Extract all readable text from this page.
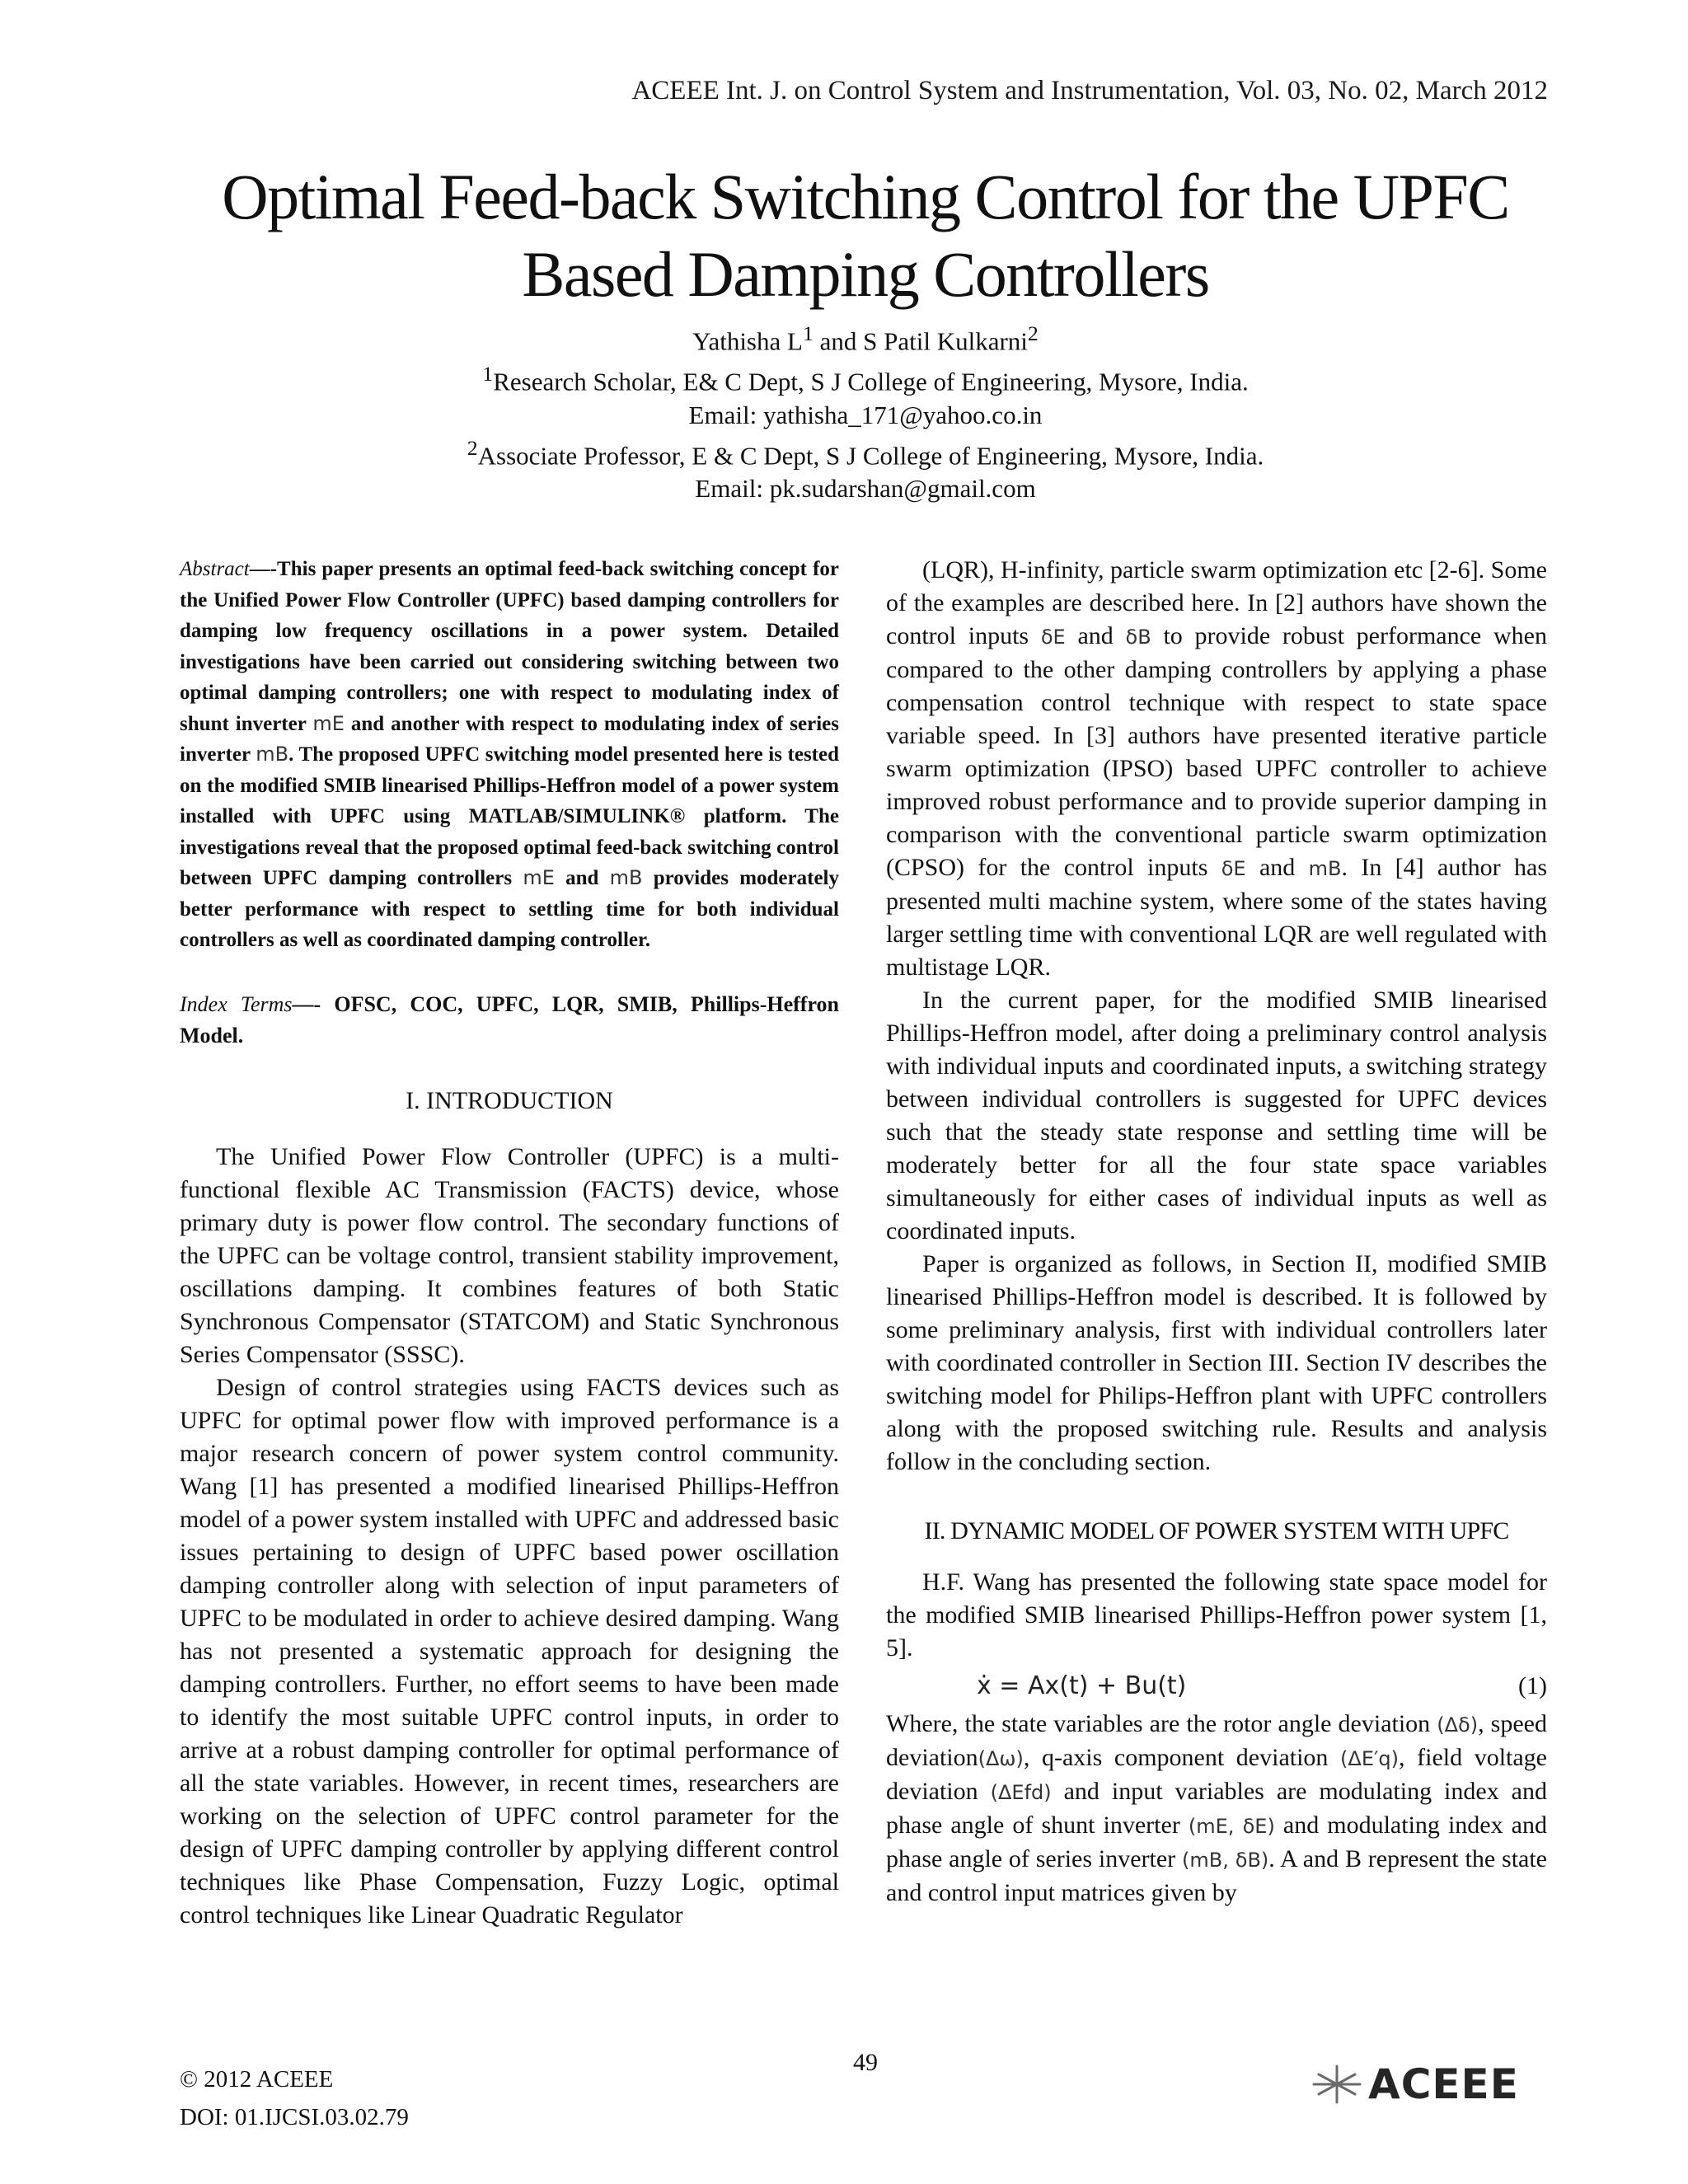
ACEEE Int. J. on Control System and Instrumentation, Vol. 03, No. 02, March 2012
Optimal Feed-back Switching Control for the UPFC
Based Damping Controllers

Yathisha $L^1$ and S Patil Kulkarni$^2$

$^1$Research Scholar, E& C Dept, S J College of Engineering, Mysore, India.

Email: yathisha_171@yahoo.co.in

$^2$Associate Professor, E & C Dept, S J College of Engineering, Mysore, India.

Email: pk.sudarshan@gmail.com

Abstract—-This paper presents an optimal feed-back switching concept for the Unified Power Flow Controller (UPFC) based damping controllers for damping low frequency oscillations in a power system. Detailed investigations have been carried out considering switching between two optimal damping controllers; one with respect to modulating index of shunt inverter mE and another with respect to modulating index of series inverter mB. The proposed UPFC switching model presented here is tested on the modified SMIB linearised Phillips-Heffron model of a power system installed with UPFC using MATLAB/SIMULINK® platform. The investigations reveal that the proposed optimal feed-back switching control between UPFC damping controllers mE and mB provides moderately better performance with respect to settling time for both individual controllers as well as coordinated damping controller.

Index Terms—- OFSC, COC, UPFC, LQR, SMIB, Phillips-Heffron Model.

I. INTRODUCTION

The Unified Power Flow Controller (UPFC) is a multi-functional flexible AC Transmission (FACTS) device, whose primary duty is power flow control. The secondary functions of the UPFC can be voltage control, transient stability improvement, oscillations damping. It combines features of both Static Synchronous Compensator (STATCOM) and Static Synchronous Series Compensator (SSSC).

Design of control strategies using FACTS devices such as UPFC for optimal power flow with improved performance is a major research concern of power system control community. Wang [1] has presented a modified linearised Phillips-Heffron model of a power system installed with UPFC and addressed basic issues pertaining to design of UPFC based power oscillation damping controller along with selection of input parameters of UPFC to be modulated in order to achieve desired damping. Wang has not presented a systematic approach for designing the damping controllers. Further, no effort seems to have been made to identify the most suitable UPFC control inputs, in order to arrive at a robust damping controller for optimal performance of all the state variables. However, in recent times, researchers are working on the selection of UPFC control parameter for the design of UPFC damping controller by applying different control techniques like Phase Compensation, Fuzzy Logic, optimal control techniques like Linear Quadratic Regulator

(LQR), H-infinity, particle swarm optimization etc [2-6]. Some of the examples are described here. In [2] authors have shown the control inputs δE and δB to provide robust performance when compared to the other damping controllers by applying a phase compensation control technique with respect to state space variable speed. In [3] authors have presented iterative particle swarm optimization (IPSO) based UPFC controller to achieve improved robust performance and to provide superior damping in comparison with the conventional particle swarm optimization (CPSO) for the control inputs δE and mB. In [4] author has presented multi machine system, where some of the states having larger settling time with conventional LQR are well regulated with multistage LQR.

In the current paper, for the modified SMIB linearised Phillips-Heffron model, after doing a preliminary control analysis with individual inputs and coordinated inputs, a switching strategy between individual controllers is suggested for UPFC devices such that the steady state response and settling time will be moderately better for all the four state space variables simultaneously for either cases of individual inputs as well as coordinated inputs.

Paper is organized as follows, in Section II, modified SMIB linearised Phillips-Heffron model is described. It is followed by some preliminary analysis, first with individual controllers later with coordinated controller in Section III. Section IV describes the switching model for Philips-Heffron plant with UPFC controllers along with the proposed switching rule. Results and analysis follow in the concluding section.

II. DYNAMIC MODEL OF POWER SYSTEM WITH UPFC

H.F. Wang has presented the following state space model for the modified SMIB linearised Phillips-Heffron power system [1, 5].

ẋ = Ax(t) + Bu(t)	(1)

Where, the state variables are the rotor angle deviation (Δδ), speed deviation(Δω), q-axis component deviation (ΔE′q), field voltage deviation (ΔEfd) and input variables are modulating index and phase angle of shunt inverter (mE, δE) and modulating index and phase angle of series inverter (mB, δB). A and B represent the state and control input matrices given by

© 2012 ACEEE

DOI: 01.IJCSI.03.02.79

49	ACEEE
